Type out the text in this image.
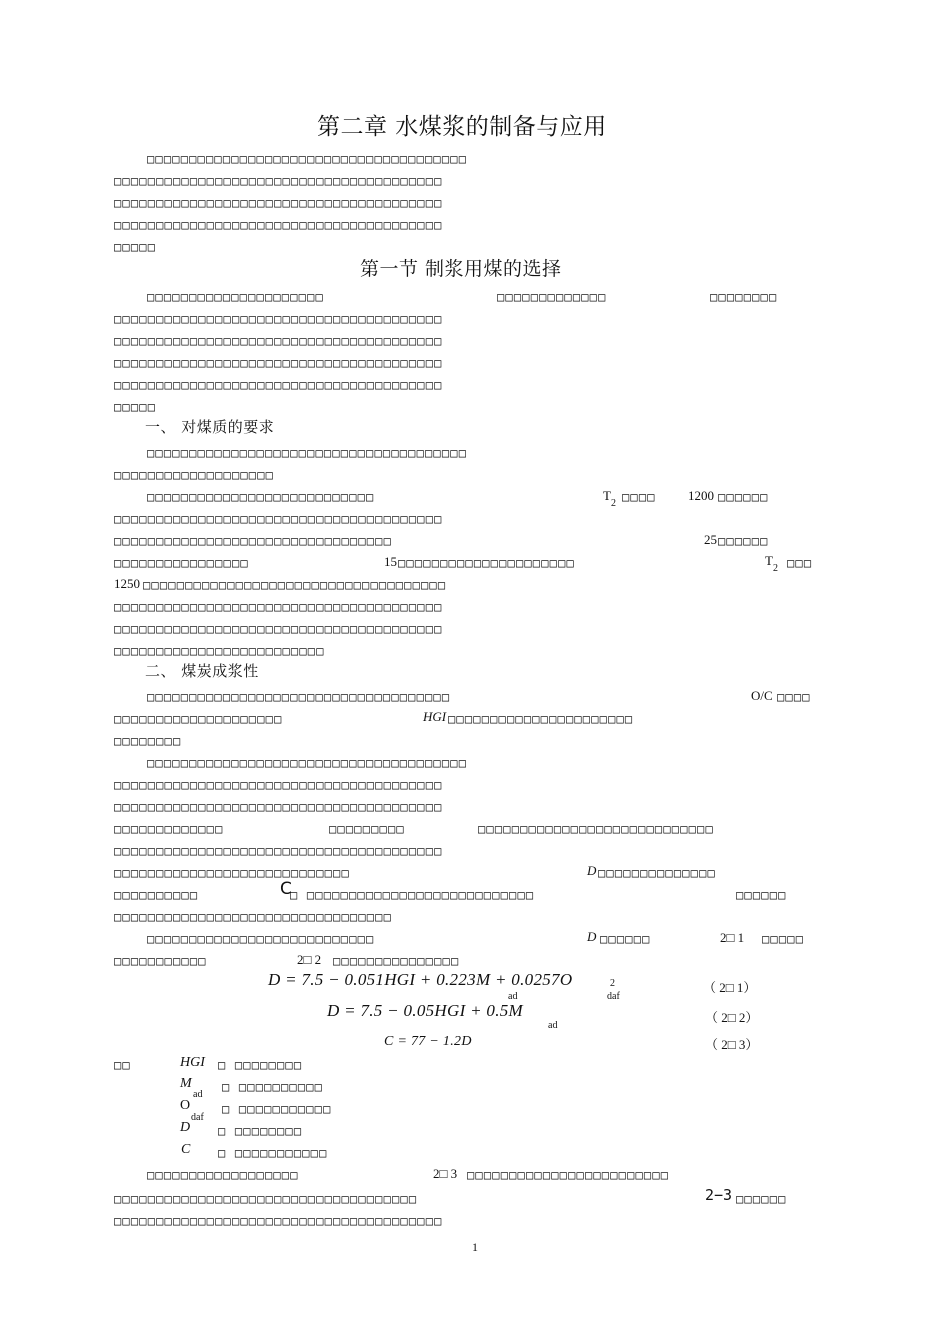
第二章 水煤浆的制备与应用
□□□□□□□□□□□□□□□□□□□□□□□□□□□□□□□□□□□□□□
□□□□□□□□□□□□□□□□□□□□□□□□□□□□□□□□□□□□□□□
□□□□□□□□□□□□□□□□□□□□□□□□□□□□□□□□□□□□□□□
□□□□□□□□□□□□□□□□□□□□□□□□□□□□□□□□□□□□□□□
□□□□□
第一节 制浆用煤的选择
□□□□□□□□□□□□□□□□□□□□□	□□□□□□□□□□□□□	□□□□□□□□
□□□□□□□□□□□□□□□□□□□□□□□□□□□□□□□□□□□□□□□
□□□□□□□□□□□□□□□□□□□□□□□□□□□□□□□□□□□□□□□
□□□□□□□□□□□□□□□□□□□□□□□□□□□□□□□□□□□□□□□
□□□□□□□□□□□□□□□□□□□□□□□□□□□□□□□□□□□□□□□
□□□□□
一、 对煤质的要求
□□□□□□□□□□□□□□□□□□□□□□□□□□□□□□□□□□□□□□
□□□□□□□□□□□□□□□□□□□
□□□□□□□□□□□□□□□□□□□□□□□□□□□	$T_2$ □□□□ 1200 □□□□□□
□□□□□□□□□□□□□□□□□□□□□□□□□□□□□□□□□□□□□□□
□□□□□□□□□□□□□□□□□□□□□□□□□□□□□□□□□	25 □□□□□□
□□□□□□□□□□□□□□□□	15 □□□□□□□□□□□□□□□□□□□□□	$T_2$ □□□
1250 □□□□□□□□□□□□□□□□□□□□□□□□□□□□□□□□□□□□
□□□□□□□□□□□□□□□□□□□□□□□□□□□□□□□□□□□□□□□
□□□□□□□□□□□□□□□□□□□□□□□□□□□□□□□□□□□□□□□
□□□□□□□□□□□□□□□□□□□□□□□□□
二、 煤炭成浆性
□□□□□□□□□□□□□□□□□□□□□□□□□□□□□□□□□□□□	O/C □□□□
□□□□□□□□□□□□□□□□□□□□	HGI □□□□□□□□□□□□□□□□□□□□□□
□□□□□□□□
□□□□□□□□□□□□□□□□□□□□□□□□□□□□□□□□□□□□□□
□□□□□□□□□□□□□□□□□□□□□□□□□□□□□□□□□□□□□□□
□□□□□□□□□□□□□□□□□□□□□□□□□□□□□□□□□□□□□□□
□□□□□□□□□□□□□	□□□□□□□□□	□□□□□□□□□□□□□□□□□□□□□□□□□□□□
□□□□□□□□□□□□□□□□□□□□□□□□□□□□□□□□□□□□□□□
□□□□□□□□□□□□□□□□□□□□□□□□□□□□	D □□□□□□□□□□□□□□
□□□□□□□□□□	C
□ □□□□□□□□□□□□□□□□□□□□□□□□□□□	□□□□□□
□□□□□□□□□□□□□□□□□□□□□□□□□□□□□□□□□
□□□□□□□□□□□□□□□□□□□□□□□□□□□	D □□□□□□	2□ 1 □□□□□
□□□□□□□□□□□	2□ 2 □□□□□□□□□□□□□□□
D = 7.5 − 0.051HGI + 0.223M + 0.0257O
ad
2
daf
（ 2□ 1）
D = 7.5 − 0.05HGI + 0.5M
ad
（ 2□ 2）
C = 77 − 1.2D	（ 2□ 3）
□□	HGI □ □□□□□□□□
M
ad
□ □□□□□□□□□□
O
daf
□ □□□□□□□□□□□
D □ □□□□□□□□
C □ □□□□□□□□□□□
□□□□□□□□□□□□□□□□□□	2□ 3 □□□□□□□□□□□□□□□□□□□□□□□□
□□□□□□□□□□□□□□□□□□□□□□□□□□□□□□□□□□□□	2−3 □□□□□□
□□□□□□□□□□□□□□□□□□□□□□□□□□□□□□□□□□□□□□□
1
